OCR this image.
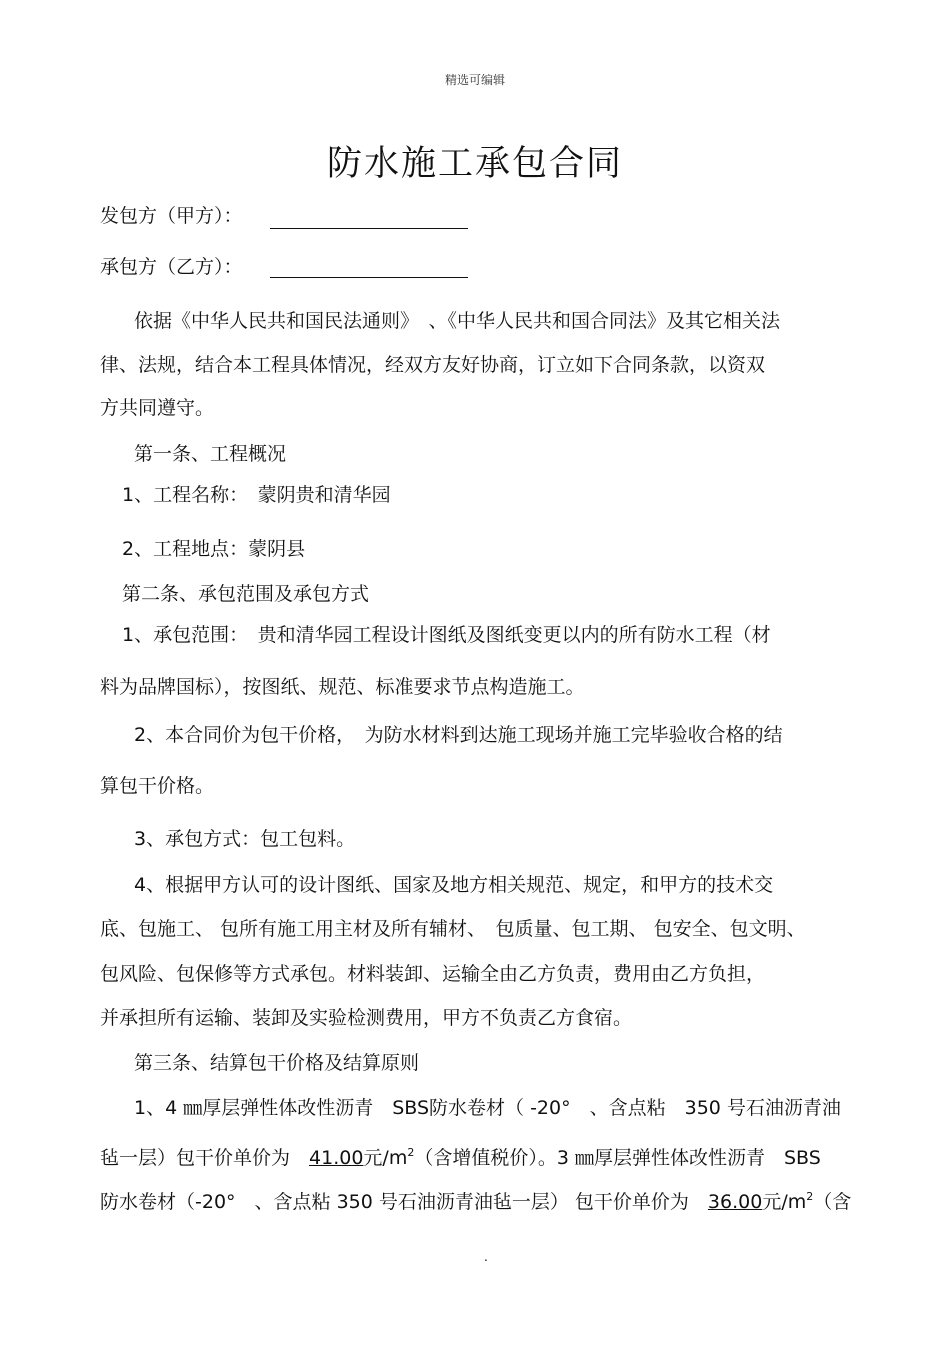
精选可编辑
防水施工承包合同
发包方（甲方）：
承包方（乙方）：
依据《中华人民共和国民法通则》　、《中华人民共和国合同法》及其它相关法
律、法规，结合本工程具体情况，经双方友好协商，订立如下合同条款，以资双
方共同遵守。
第一条、工程概况
1、工程名称：　蒙阴贵和清华园
2、工程地点：蒙阴县
第二条、承包范围及承包方式
1、承包范围：　贵和清华园工程设计图纸及图纸变更以内的所有防水工程（材
料为品牌国标），按图纸、规范、标准要求节点构造施工。
2、本合同价为包干价格，　为防水材料到达施工现场并施工完毕验收合格的结
算包干价格。
3、承包方式：包工包料。
4、根据甲方认可的设计图纸、国家及地方相关规范、规定，和甲方的技术交
底、包施工、 包所有施工用主材及所有辅材、　包质量、包工期、 包安全、包文明、
包风险、包保修等方式承包。材料装卸、运输全由乙方负责，费用由乙方负担，
并承担所有运输、装卸及实验检测费用，甲方不负责乙方食宿。
第三条、结算包干价格及结算原则
1、4 ㎜厚层弹性体改性沥青　SBS防水卷材（ -20°　、含点粘　350 号石油沥青油
毡一层）包干价单价为　41.00元$/m^2$（含增值税价）。3 ㎜厚层弹性体改性沥青　SBS
防水卷材（-20°　、含点粘 350 号石油沥青油毡一层） 包干价单价为　36.00元$/m^2$（含
.
